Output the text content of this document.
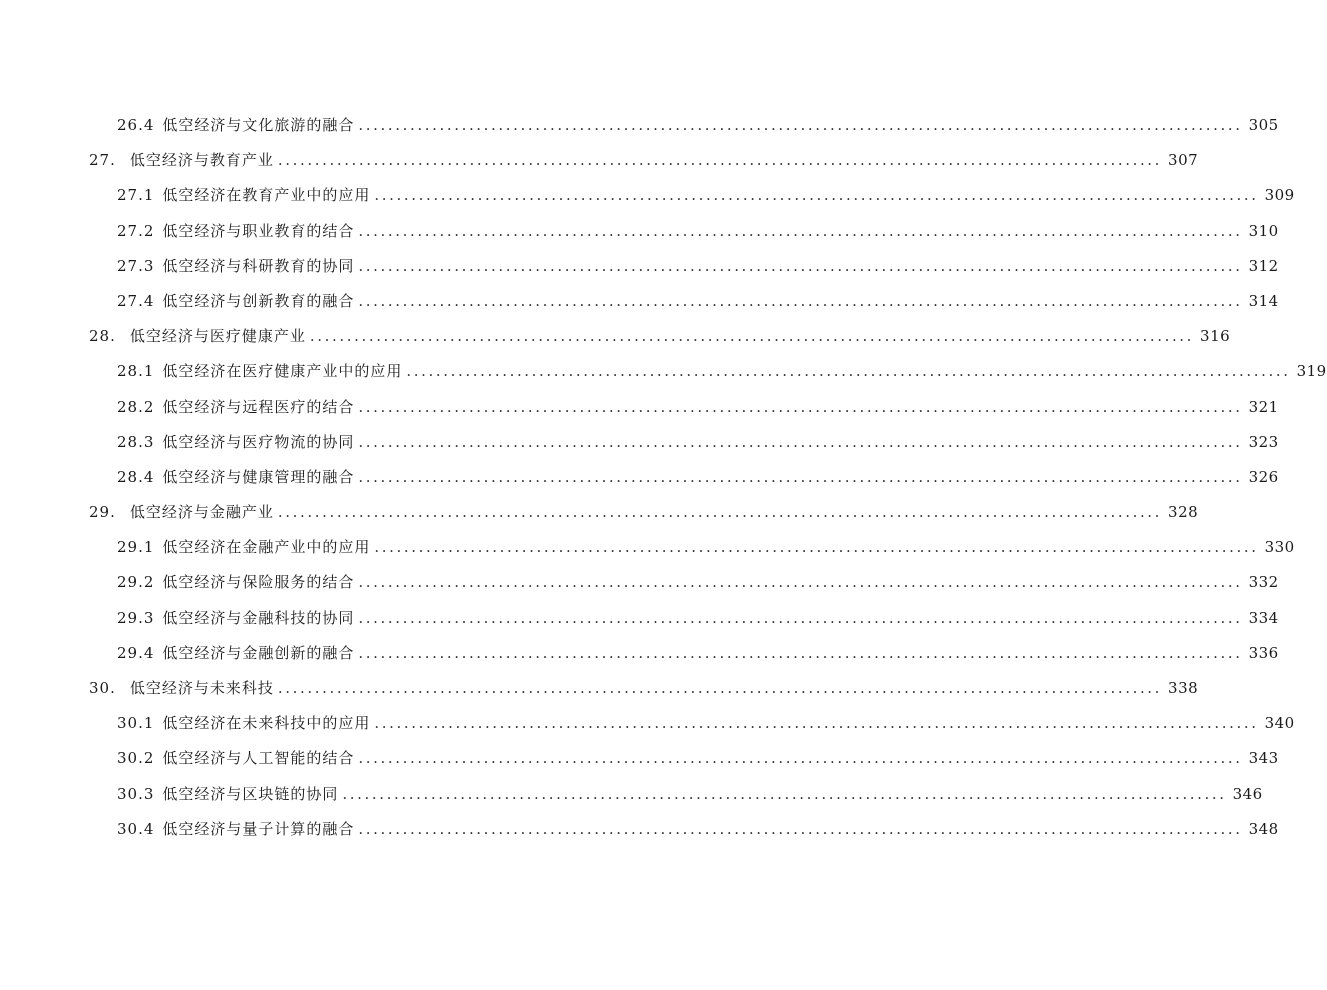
26.4 低空经济与文化旅游的融合 ........................................................................................................................ 305
27. 低空经济与教育产业 ........................................................................................................................ 307
27.1 低空经济在教育产业中的应用 ........................................................................................................................ 309
27.2 低空经济与职业教育的结合 ........................................................................................................................ 310
27.3 低空经济与科研教育的协同 ........................................................................................................................ 312
27.4 低空经济与创新教育的融合 ........................................................................................................................ 314
28. 低空经济与医疗健康产业 ........................................................................................................................ 316
28.1 低空经济在医疗健康产业中的应用 ........................................................................................................................ 319
28.2 低空经济与远程医疗的结合 ........................................................................................................................ 321
28.3 低空经济与医疗物流的协同 ........................................................................................................................ 323
28.4 低空经济与健康管理的融合 ........................................................................................................................ 326
29. 低空经济与金融产业 ........................................................................................................................ 328
29.1 低空经济在金融产业中的应用 ........................................................................................................................ 330
29.2 低空经济与保险服务的结合 ........................................................................................................................ 332
29.3 低空经济与金融科技的协同 ........................................................................................................................ 334
29.4 低空经济与金融创新的融合 ........................................................................................................................ 336
30. 低空经济与未来科技 ........................................................................................................................ 338
30.1 低空经济在未来科技中的应用 ........................................................................................................................ 340
30.2 低空经济与人工智能的结合 ........................................................................................................................ 343
30.3 低空经济与区块链的协同 ........................................................................................................................ 346
30.4 低空经济与量子计算的融合 ........................................................................................................................ 348
